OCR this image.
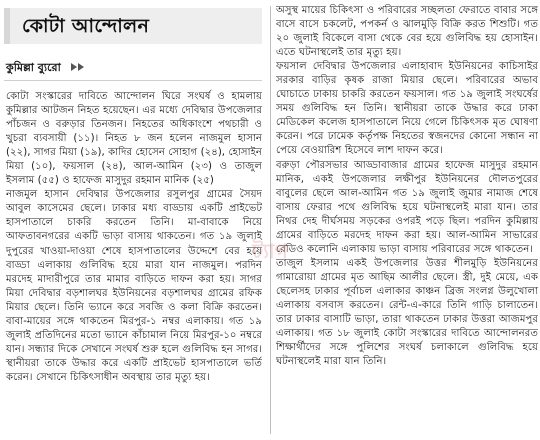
কোটা আন্দোলন
কুমিল্লা ব্যুরো

কোটা সংস্কারের দাবিতে আন্দোলন ঘিরে সংঘর্ষ ও হামলায় কুমিল্লার আটজন নিহত হয়েছেন। এর মধ্যে দেবিদ্বার উপজেলার পাঁচজন ও বরুড়ার তিনজন। নিহতের অধিকাংশে পথচারী ও খুচরা ব্যবসায়ী (১১)। নিহত ৮ জন হলেন নাজমুল হাসান (২২), সাগর মিয়া (১৯), কাদির হোসেন সোহাগ (২৪), হোসাইন মিয়া (১০), ফয়সাল (২৪), আল-আমিন (২৩) ও তাজুল ইসলাম (৫৫) ও হাফেজ মাসুদুর রহমান মানিক (২৫)

নাজমুল হাসান দেবিদ্বার উপজেলার রসুলপুর গ্রামের সৈয়দ আবুল কাসেমের ছেলে। ঢাকার মধ্য বাড্ডায় একটি প্রাইভেট হাসপাতালে চাকরি করতেন তিনি। মা-বাবাকে নিয়ে আফতাবনগরের একটি ভাড়া বাসায় থাকতেন। গত ১৯ জুলাই দুপুরের খাওয়া-দাওয়া শেষে হাসপাতালের উদ্দেশে বের হয়ে বাড্ডা এলাকায় গুলিবিদ্ধ হয়ে মারা যান নাজমুল। পরদিন মরদেহ মাদারীপুরে তার মামার বাড়িতে দাফন করা হয়। সাগর মিয়া দেবিদ্বার বড়শালঘর ইউনিয়নের বড়শালঘর গ্রামের রফিক মিয়ার ছেলে। তিনি ভ্যানে করে সবজি ও কলা বিক্রি করতেন। বাবা-মায়ের সঙ্গে থাকতেন মিরপুর-১ নম্বর এলাকায়। গত ১৯ জুলাই প্রতিদিনের মতো ভ্যানে কাঁচামাল নিয়ে মিরপুর-১০ নম্বরে যান। সন্ধ্যার দিকে সেখানে সংঘর্ষ শুরু হলে গুলিবিদ্ধ হন সাগর। স্থানীয়রা তাকে উদ্ধার করে একটি প্রাইভেট হাসপাতালে ভর্তি করেন। সেখানে চিকিৎসাধীন অবস্থায় তার মৃত্যু হয়।

অসুস্থ মায়ের চিকিৎসা ও পরিবারের সচ্ছলতা ফেরাতে বাবার সঙ্গে বাসে বাসে চকলেট, পপকর্ন ও ঝালমুড়ি বিক্রি করত শিশুটি। গত ২০ জুলাই বিকেলে বাসা থেকে বের হয়ে গুলিবিদ্ধ হয় হোসাইন। এতে ঘটনাস্থলেই তার মৃত্যু হয়।

ফয়সাল দেবিদ্বার উপজেলার এলাহাবাদ ইউনিয়নের কাচিসাইর সরকার বাড়ির কৃষক রাজা মিয়ার ছেলে। পরিবারের অভাব ঘোচাতে ঢাকায় চাকরি করতেন ফয়সাল। গত ১৯ জুলাই সংঘর্ষের সময় গুলিবিদ্ধ হন তিনি। স্থানীয়রা তাকে উদ্ধার করে ঢাকা মেডিকেল কলেজ হাসপাতালে নিয়ে গেলে চিকিৎসক মৃত ঘোষণা করেন। পরে ঢামেক কর্তৃপক্ষ নিহতের স্বজনদের কোনো সন্ধান না পেয়ে বেওয়ারিশ হিসেবে লাশ দাফন করে।

বরুড়া পৌরসভার আড্ডাবাজার গ্রামের হাফেজ মাসুদুর রহমান মানিক, একই উপজেলার লক্ষীপুর ইউনিয়নের দৌলতপুরের বাবুলের ছেলে আল-আমিন গত ১৯ জুলাই জুমার নামাজ শেষে বাসায় ফেরার পথে গুলিবিদ্ধ হয়ে ঘটনাস্থলেই মারা যান। তার নিথর দেহ দীর্ঘসময় সড়কের ওপরই পড়ে ছিল। পরদিন কুমিল্লায় গ্রামের বাড়িতে মরদেহ দাফন করা হয়। আল-আমিন সাভারের রেডিও কলোনি এলাকায় ভাড়া বাসায় পরিবারের সঙ্গে থাকতেন।

তাজুল ইসলাম একই উপজেলার উত্তর শীলমুড়ি ইউনিয়নের গামারোয়া গ্রামের মৃত আছিম আলীর ছেলে। স্ত্রী, দুই মেয়ে, এক ছেলেসহ ঢাকার পূর্বাচল এলাকার কাঞ্চন ব্রিজ সংলগ্ন উলুখোলা এলাকায় বসবাস করতেন। রেন্ট-এ-কারে তিনি গাড়ি চালাতেন। তার ঢাকার বাসাটি ভাড়া, তারা থাকতেন ঢাকার উত্তরা আজমপুর এলাকায়। গত ১৮ জুলাই কোটা সংস্কারের দাবিতে আন্দোলনরত শিক্ষার্থীদের সঙ্গে পুলিশের সংঘর্ষ চলাকালে গুলিবিদ্ধ হয়ে ঘটনাস্থলেই মারা যান তিনি।

ট্যাগ
